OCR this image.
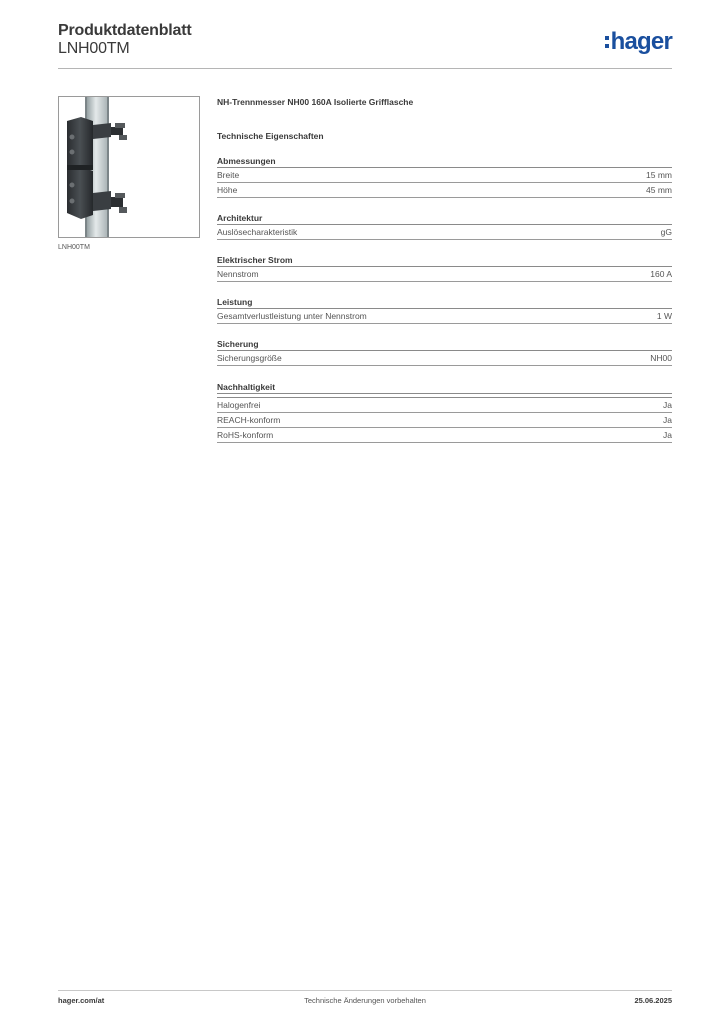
Produktdatenblatt
LNH00TM	hager
LNH00TM
NH-Trennmesser NH00 160A Isolierte Grifflasche
Technische Eigenschaften
Abmessungen
Breite	15 mm
Höhe	45 mm
Architektur
Auslösecharakteristik	gG
Elektrischer Strom
Nennstrom	160 A
Leistung
Gesamtverlustleistung unter Nennstrom	1 W
Sicherung
Sicherungsgröße	NH00
Nachhaltigkeit
Halogenfrei	Ja
REACH-konform	Ja
RoHS-konform	Ja
Technische Änderungen vorbehalten
hager.com/at	25.06.2025
